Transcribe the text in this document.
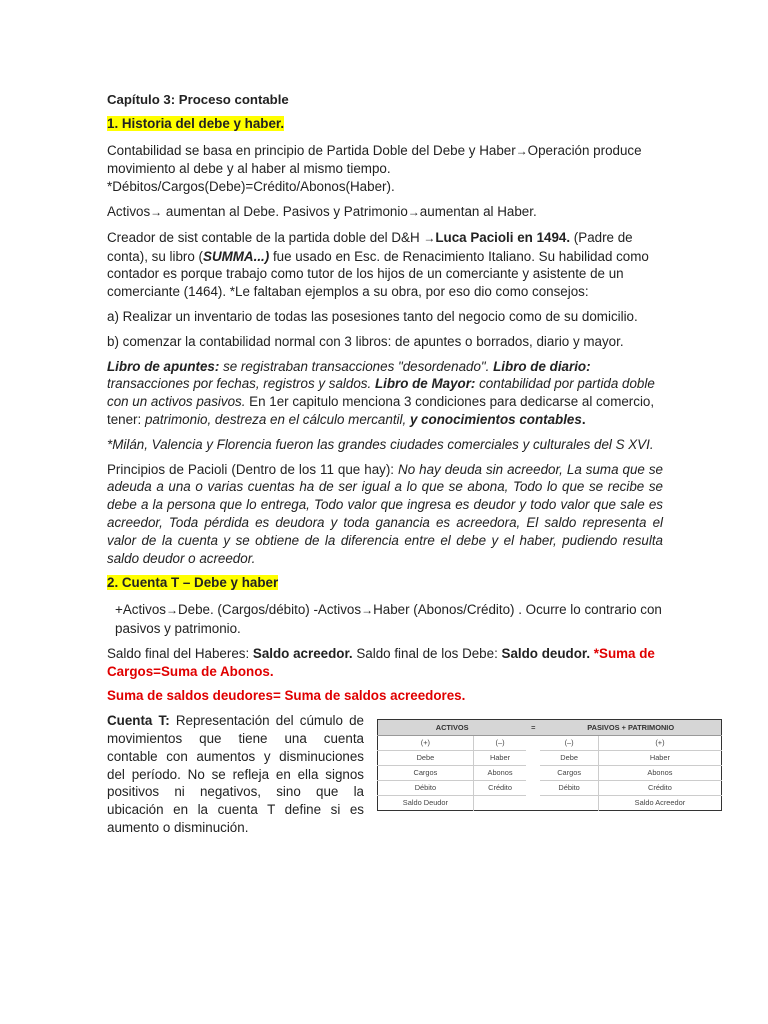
Capítulo 3: Proceso contable

1. Historia del debe y haber.

Contabilidad se basa en principio de Partida Doble del Debe y Haber→Operación produce movimiento al debe y al haber al mismo tiempo.
*Débitos/Cargos(Debe)=Crédito/Abonos(Haber).

Activos→ aumentan al Debe. Pasivos y Patrimonio→aumentan al Haber.

Creador de sist contable de la partida doble del D&H →Luca Pacioli en 1494. (Padre de conta), su libro (SUMMA...) fue usado en Esc. de Renacimiento Italiano. Su habilidad como contador es porque trabajo como tutor de los hijos de un comerciante y asistente de un comerciante (1464). *Le faltaban ejemplos a su obra, por eso dio como consejos:

a) Realizar un inventario de todas las posesiones tanto del negocio como de su domicilio.

b) comenzar la contabilidad normal con 3 libros: de apuntes o borrados, diario y mayor.

Libro de apuntes: se registraban transacciones "desordenado". Libro de diario: transacciones por fechas, registros y saldos. Libro de Mayor: contabilidad por partida doble con un activos pasivos. En 1er capitulo menciona 3 condiciones para dedicarse al comercio, tener: patrimonio, destreza en el cálculo mercantil, y conocimientos contables.

*Milán, Valencia y Florencia fueron las grandes ciudades comerciales y culturales del S XVI.

Principios de Pacioli (Dentro de los 11 que hay): No hay deuda sin acreedor, La suma que se adeuda a una o varias cuentas ha de ser igual a lo que se abona, Todo lo que se recibe se debe a la persona que lo entrega, Todo valor que ingresa es deudor y todo valor que sale es acreedor, Toda pérdida es deudora y toda ganancia es acreedora, El saldo representa el valor de la cuenta y se obtiene de la diferencia entre el debe y el haber, pudiendo resulta saldo deudor o acreedor.

2. Cuenta T – Debe y haber

+Activos→Debe. (Cargos/débito) -Activos→Haber (Abonos/Crédito) . Ocurre lo contrario con pasivos y patrimonio.

Saldo final del Haberes: Saldo acreedor. Saldo final de los Debe: Saldo deudor. *Suma de Cargos=Suma de Abonos.

Suma de saldos deudores= Suma de saldos acreedores.

Cuenta T: Representación del cúmulo de movimientos que tiene una cuenta contable con aumentos y disminuciones del período. No se refleja en ella signos positivos ni negativos, sino que la ubicación en la cuenta T define si es aumento o disminución.

ACTIVOS		=	PASIVOS + PATRIMONIO	
(+)	(–)		(–)	(+)
Debe	Haber		Debe	Haber
Cargos	Abonos		Cargos	Abonos
Débito	Crédito		Débito	Crédito
Saldo Deudor				Saldo Acreedor
